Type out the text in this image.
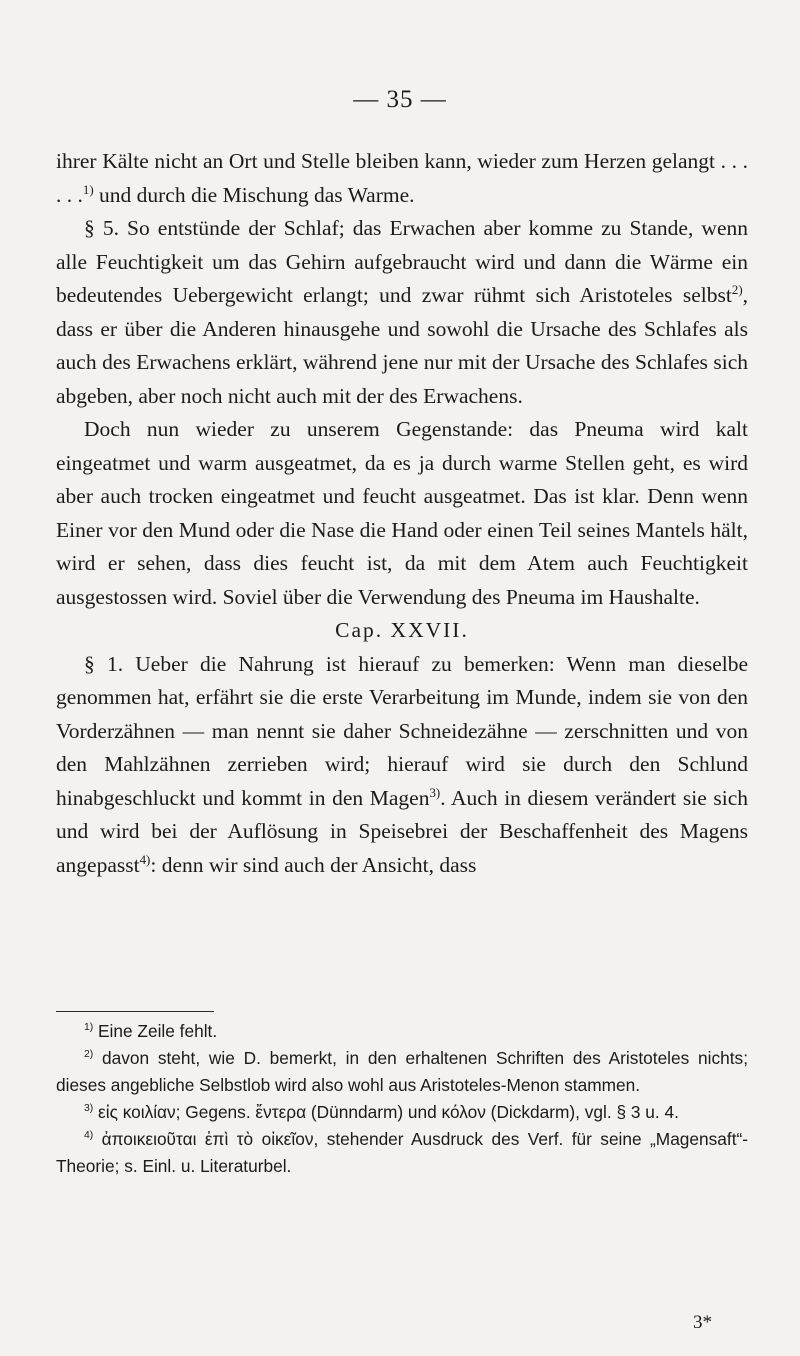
— 35 —

ihrer Kälte nicht an Ort und Stelle bleiben kann, wieder zum Herzen gelangt . . . . . .$^{1)}$ und durch die Mischung das Warme.

§ 5. So entstünde der Schlaf; das Erwachen aber komme zu Stande, wenn alle Feuchtigkeit um das Gehirn aufgebraucht wird und dann die Wärme ein bedeutendes Uebergewicht erlangt; und zwar rühmt sich Aristoteles selbst$^{2)}$, dass er über die Anderen hinausgehe und sowohl die Ursache des Schlafes als auch des Erwachens erklärt, während jene nur mit der Ursache des Schlafes sich abgeben, aber noch nicht auch mit der des Erwachens.

Doch nun wieder zu unserem Gegenstande: das Pneuma wird kalt eingeatmet und warm ausgeatmet, da es ja durch warme Stellen geht, es wird aber auch trocken eingeatmet und feucht ausgeatmet. Das ist klar. Denn wenn Einer vor den Mund oder die Nase die Hand oder einen Teil seines Mantels hält, wird er sehen, dass dies feucht ist, da mit dem Atem auch Feuchtigkeit ausgestossen wird. Soviel über die Verwendung des Pneuma im Haushalte.

Cap. XXVII.

§ 1. Ueber die Nahrung ist hierauf zu bemerken: Wenn man dieselbe genommen hat, erfährt sie die erste Verarbeitung im Munde, indem sie von den Vorderzähnen — man nennt sie daher Schneidezähne — zerschnitten und von den Mahlzähnen zerrieben wird; hierauf wird sie durch den Schlund hinabgeschluckt und kommt in den Magen$^{3)}$. Auch in diesem verändert sie sich und wird bei der Auflösung in Speisebrei der Beschaffenheit des Magens angepasst$^{4)}$: denn wir sind auch der Ansicht, dass

$^{1)}$ Eine Zeile fehlt.

$^{2)}$ davon steht, wie D. bemerkt, in den erhaltenen Schriften des Aristoteles nichts; dieses angebliche Selbstlob wird also wohl aus Aristoteles-Menon stammen.

$^{3)}$ εἰς κοιλίαν; Gegens. ἔντερα (Dünndarm) und κόλον (Dickdarm), vgl. § 3 u. 4.

$^{4)}$ ἀποικειοῦται ἐπὶ τὸ οἰκεῖον, stehender Ausdruck des Verf. für seine „Magensaft“-Theorie; s. Einl. u. Literaturbel.

3*
